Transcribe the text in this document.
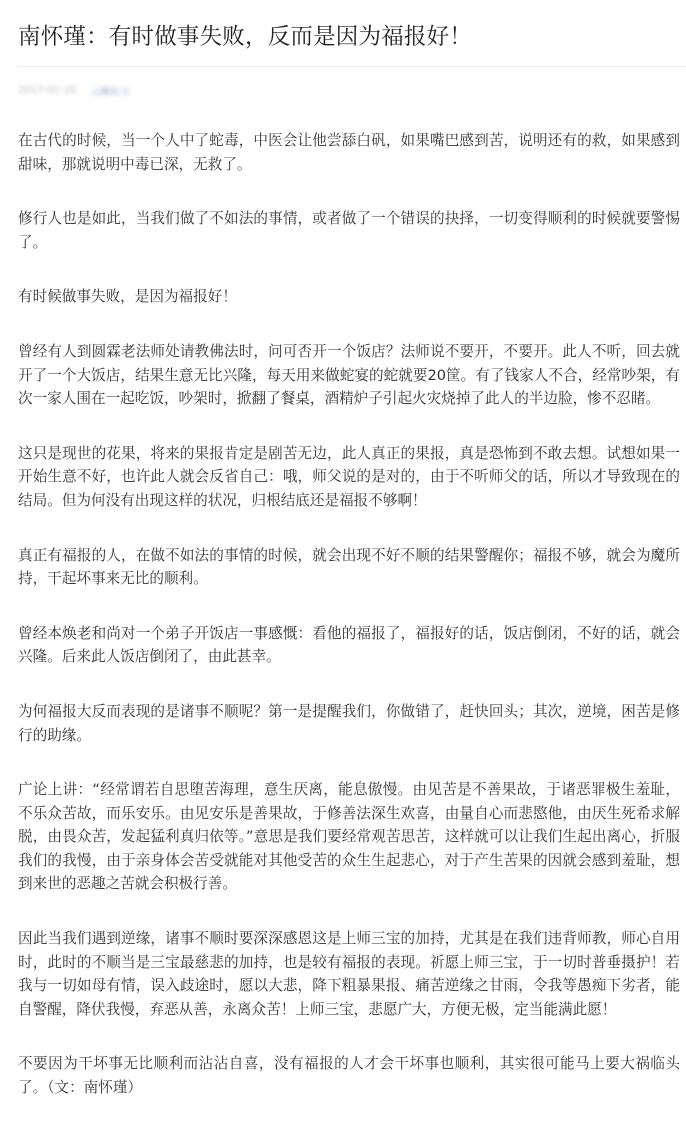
南怀瑾：有时做事失败，反而是因为福报好！
2017-02-16 云雁标玉

在古代的时候，当一个人中了蛇毒，中医会让他尝舔白矾，如果嘴巴感到苦，说明还有的救，如果感到甜味，那就说明中毒已深，无救了。

修行人也是如此，当我们做了不如法的事情，或者做了一个错误的抉择，一切变得顺利的时候就要警惕了。

有时候做事失败，是因为福报好！

曾经有人到圆霖老法师处请教佛法时，问可否开一个饭店？法师说不要开，不要开。此人不听，回去就开了一个大饭店，结果生意无比兴隆，每天用来做蛇宴的蛇就要20筐。有了钱家人不合，经常吵架，有次一家人围在一起吃饭，吵架时，掀翻了餐桌，酒精炉子引起火灾烧掉了此人的半边脸，惨不忍睹。

这只是现世的花果，将来的果报肯定是剧苦无边，此人真正的果报，真是恐怖到不敢去想。试想如果一开始生意不好，也许此人就会反省自己：哦，师父说的是对的，由于不听师父的话，所以才导致现在的结局。但为何没有出现这样的状况，归根结底还是福报不够啊！

真正有福报的人，在做不如法的事情的时候，就会出现不好不顺的结果警醒你；福报不够，就会为魔所持，干起坏事来无比的顺利。

曾经本焕老和尚对一个弟子开饭店一事感慨：看他的福报了，福报好的话，饭店倒闭，不好的话，就会兴隆。后来此人饭店倒闭了，由此甚幸。

为何福报大反而表现的是诸事不顺呢？第一是提醒我们，你做错了，赶快回头；其次，逆境，困苦是修行的助缘。

广论上讲：“经常谓若自思堕苦海理，意生厌离，能息傲慢。由见苦是不善果故，于诸恶罪极生羞耻，不乐众苦故，而乐安乐。由见安乐是善果故，于修善法深生欢喜，由量自心而悲愍他，由厌生死希求解脱，由畏众苦，发起猛利真归依等。”意思是我们要经常观苦思苦，这样就可以让我们生起出离心，折服我们的我慢，由于亲身体会苦受就能对其他受苦的众生生起悲心，对于产生苦果的因就会感到羞耻，想到来世的恶趣之苦就会积极行善。

因此当我们遇到逆缘，诸事不顺时要深深感恩这是上师三宝的加持，尤其是在我们违背师教，师心自用时，此时的不顺当是三宝最慈悲的加持，也是较有福报的表现。祈愿上师三宝，于一切时普垂摄护！若我与一切如母有情，误入歧途时，愿以大悲，降下粗暴果报、痛苦逆缘之甘雨，令我等愚痴下劣者，能自警醒，降伏我慢，弃恶从善，永离众苦！上师三宝，悲愿广大，方便无极，定当能满此愿！

不要因为干坏事无比顺利而沾沾自喜，没有福报的人才会干坏事也顺利，其实很可能马上要大祸临头了。（文：南怀瑾）
